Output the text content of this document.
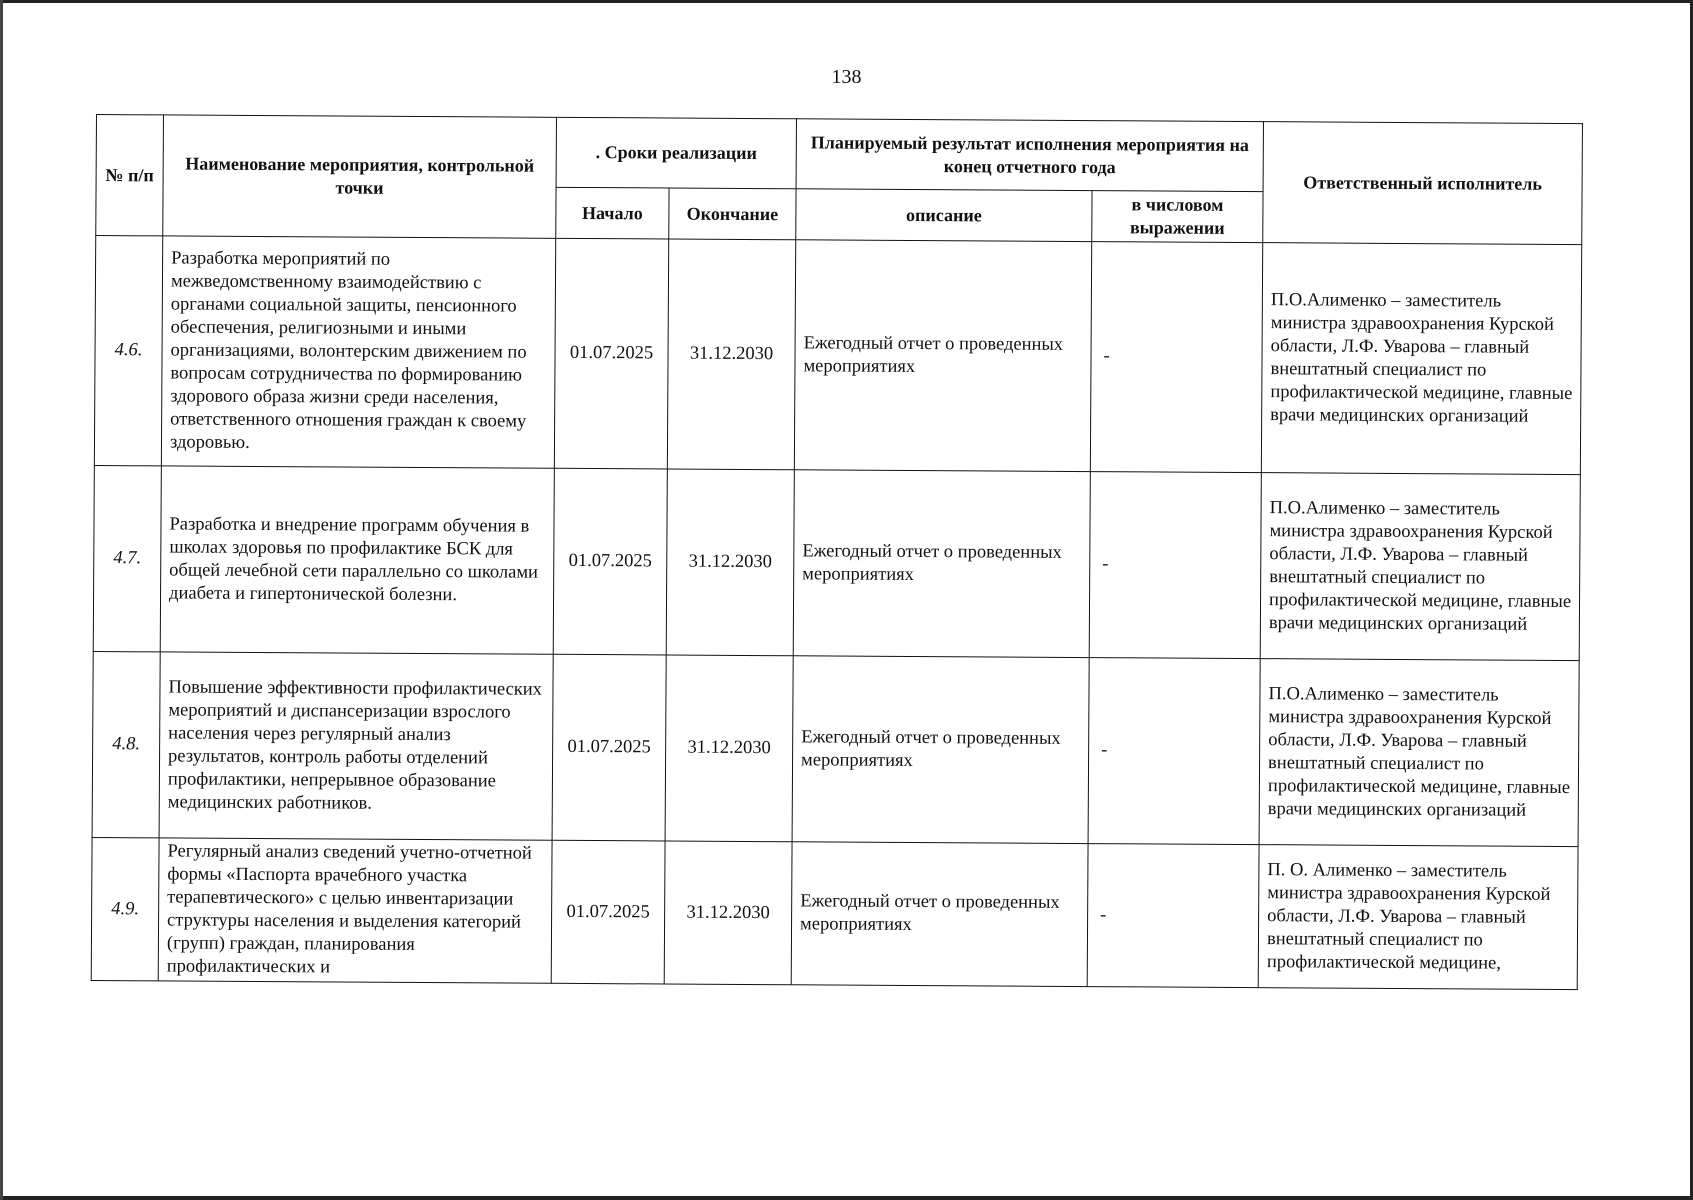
138
№ п/п	Наименование мероприятия, контрольной точки	. Сроки реализации		Планируемый результат исполнения мероприятия на конец отчетного года		Ответственный исполнитель
		Начало	Окончание	описание	в числовом выражении	
4.6.	Разработка мероприятий по межведомственному взаимодействию с органами социальной защиты, пенсионного обеспечения, религиозными и иными организациями, волонтерским движением по вопросам сотрудничества по формированию здорового образа жизни среди населения, ответственного отношения граждан к своему здоровью.	01.07.2025	31.12.2030	Ежегодный отчет о проведенных мероприятиях	-	П.О.Алименко – заместитель министра здравоохранения Курской области, Л.Ф. Уварова – главный внештатный специалист по профилактической медицине, главные врачи медицинских организаций
4.7.	Разработка и внедрение программ обучения в школах здоровья по профилактике БСК для общей лечебной сети параллельно со школами диабета и гипертонической болезни.	01.07.2025	31.12.2030	Ежегодный отчет о проведенных мероприятиях	-	П.О.Алименко – заместитель министра здравоохранения Курской области, Л.Ф. Уварова – главный внештатный специалист по профилактической медицине, главные врачи медицинских организаций
4.8.	Повышение эффективности профилактических мероприятий и диспансеризации взрослого населения через регулярный анализ результатов, контроль работы отделений профилактики, непрерывное образование медицинских работников.	01.07.2025	31.12.2030	Ежегодный отчет о проведенных мероприятиях	-	П.О.Алименко – заместитель министра здравоохранения Курской области, Л.Ф. Уварова – главный внештатный специалист по профилактической медицине, главные врачи медицинских организаций
4.9.	Регулярный анализ сведений учетно-отчетной формы «Паспорта врачебного участка терапевтического» с целью инвентаризации структуры населения и выделения категорий (групп) граждан, планирования профилактических и	01.07.2025	31.12.2030	Ежегодный отчет о проведенных мероприятиях	-	П. О. Алименко – заместитель министра здравоохранения Курской области, Л.Ф. Уварова – главный внештатный специалист по профилактической медицине,
